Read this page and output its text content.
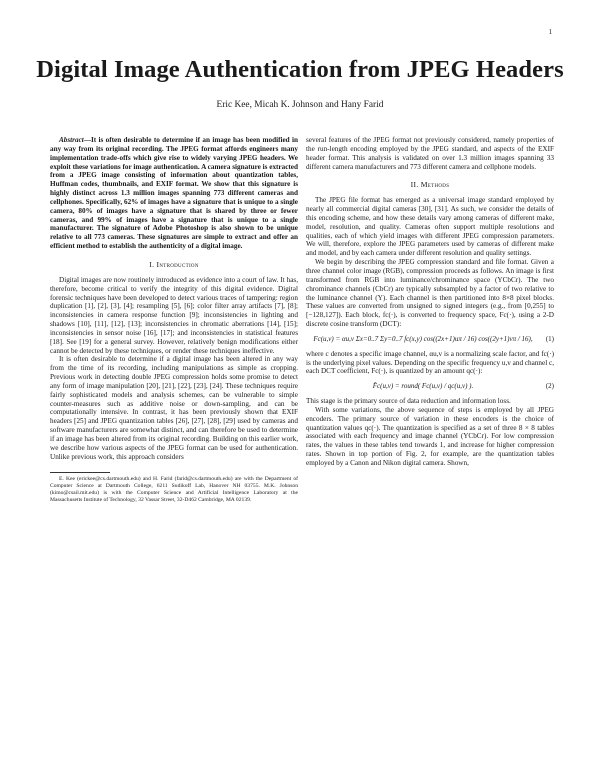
1
Digital Image Authentication from JPEG Headers
Eric Kee, Micah K. Johnson and Hany Farid

Abstract—It is often desirable to determine if an image has been modified in any way from its original recording. The JPEG format affords engineers many implementation trade-offs which give rise to widely varying JPEG headers. We exploit these variations for image authentication. A camera signature is extracted from a JPEG image consisting of information about quantization tables, Huffman codes, thumbnails, and EXIF format. We show that this signature is highly distinct across 1.3 million images spanning 773 different cameras and cellphones. Specifically, 62% of images have a signature that is unique to a single camera, 80% of images have a signature that is shared by three or fewer cameras, and 99% of images have a signature that is unique to a single manufacturer. The signature of Adobe Photoshop is also shown to be unique relative to all 773 cameras. These signatures are simple to extract and offer an efficient method to establish the authenticity of a digital image.

I. Introduction

Digital images are now routinely introduced as evidence into a court of law. It has, therefore, become critical to verify the integrity of this digital evidence. Digital forensic techniques have been developed to detect various traces of tampering: region duplication [1], [2], [3], [4]; resampling [5], [6]; color filter array artifacts [7], [8]; inconsistencies in camera response function [9]; inconsistencies in lighting and shadows [10], [11], [12], [13]; inconsistencies in chromatic aberrations [14], [15]; inconsistencies in sensor noise [16], [17]; and inconsistencies in statistical features [18]. See [19] for a general survey. However, relatively benign modifications either cannot be detected by these techniques, or render these techniques ineffective.

It is often desirable to determine if a digital image has been altered in any way from the time of its recording, including manipulations as simple as cropping. Previous work in detecting double JPEG compression holds some promise to detect any form of image manipulation [20], [21], [22], [23], [24]. These techniques require fairly sophisticated models and analysis schemes, can be vulnerable to simple counter-measures such as additive noise or down-sampling, and can be computationally intensive. In contrast, it has been previously shown that EXIF headers [25] and JPEG quantization tables [26], [27], [28], [29] used by cameras and software manufacturers are somewhat distinct, and can therefore be used to determine if an image has been altered from its original recording. Building on this earlier work, we describe how various aspects of the JPEG format can be used for authentication. Unlike previous work, this approach considers

E. Kee (erickee@cs.dartmouth.edu) and H. Farid (farid@cs.dartmouth.edu) are with the Department of Computer Science at Dartmouth College, 6211 Sudikoff Lab, Hanover NH 03755. M.K. Johnson (kimo@csail.mit.edu) is with the Computer Science and Artificial Intelligence Laboratory at the Massachusetts Institute of Technology, 32 Vassar Street, 32-D462 Cambridge, MA 02139.

several features of the JPEG format not previously considered, namely properties of the run-length encoding employed by the JPEG standard, and aspects of the EXIF header format. This analysis is validated on over 1.3 million images spanning 33 different camera manufacturers and 773 different camera and cellphone models.

II. Methods

The JPEG file format has emerged as a universal image standard employed by nearly all commercial digital cameras [30], [31]. As such, we consider the details of this encoding scheme, and how these details vary among cameras of different make, model, resolution, and quality. Cameras often support multiple resolutions and qualities, each of which yield images with different JPEG compression parameters. We will, therefore, explore the JPEG parameters used by cameras of different make and model, and by each camera under different resolution and quality settings.

We begin by describing the JPEG compression standard and file format. Given a three channel color image (RGB), compression proceeds as follows. An image is first transformed from RGB into luminance/chrominance space (YCbCr). The two chrominance channels (CbCr) are typically subsampled by a factor of two relative to the luminance channel (Y). Each channel is then partitioned into 8×8 pixel blocks. These values are converted from unsigned to signed integers (e.g., from [0,255] to [−128,127]). Each block, fc(·), is converted to frequency space, Fc(·), using a 2-D discrete cosine transform (DCT):

Fc(u,v) = αu,v Σx=0..7 Σy=0..7 fc(x,y) cos((2x+1)uπ / 16) cos((2y+1)vπ / 16),	(1)

where c denotes a specific image channel, αu,v is a normalizing scale factor, and fc(·) is the underlying pixel values. Depending on the specific frequency u,v and channel c, each DCT coefficient, Fc(·), is quantized by an amount qc(·):

F̂c(u,v) = round( Fc(u,v) / qc(u,v) ).	(2)

This stage is the primary source of data reduction and information loss.

With some variations, the above sequence of steps is employed by all JPEG encoders. The primary source of variation in these encoders is the choice of quantization values qc(·). The quantization is specified as a set of three 8 × 8 tables associated with each frequency and image channel (YCbCr). For low compression rates, the values in these tables tend towards 1, and increase for higher compression rates. Shown in top portion of Fig. 2, for example, are the quantization tables employed by a Canon and Nikon digital camera. Shown,
